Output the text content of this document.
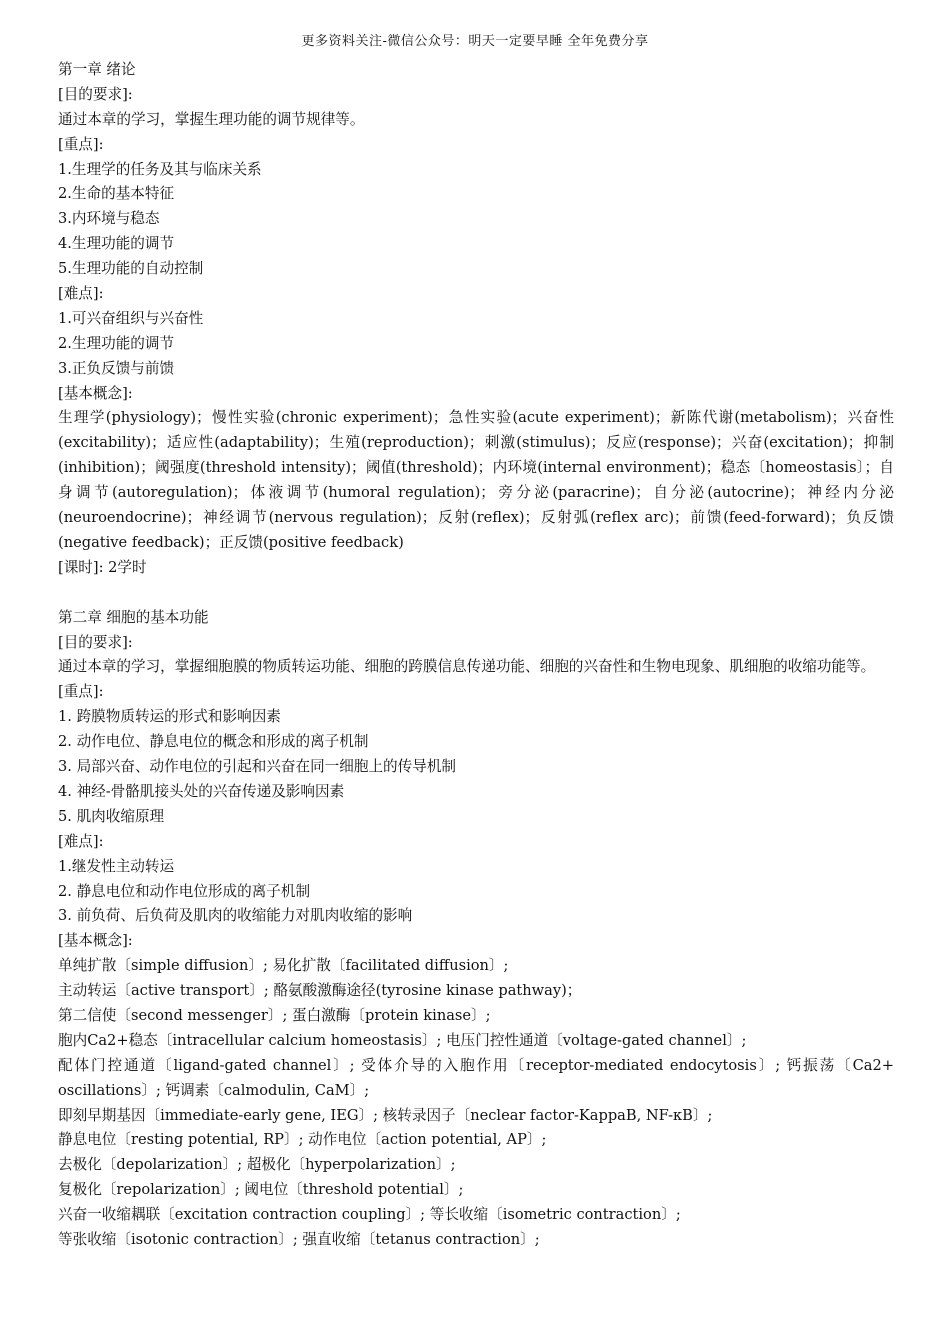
更多资料关注-微信公众号：明天一定要早睡 全年免费分享
第一章 绪论
[目的要求]:
通过本章的学习，掌握生理功能的调节规律等。
[重点]:
1.生理学的任务及其与临床关系
2.生命的基本特征
3.内环境与稳态
4.生理功能的调节
5.生理功能的自动控制
[难点]:
1.可兴奋组织与兴奋性
2.生理功能的调节
3.正负反馈与前馈
[基本概念]:
生理学(physiology)；慢性实验(chronic experiment)；急性实验(acute experiment)；新陈代谢(metabolism)；兴奋性(excitability)；适应性(adaptability)；生殖(reproduction)；刺激(stimulus)；反应(response)；兴奋(excitation)；抑制(inhibition)；阈强度(threshold intensity)；阈值(threshold)；内环境(internal environment)；稳态〔homeostasis〕；自身调节(autoregulation)；体液调节(humoral regulation)；旁分泌(paracrine)；自分泌(autocrine)；神经内分泌(neuroendocrine)；神经调节(nervous regulation)；反射(reflex)；反射弧(reflex arc)；前馈(feed-forward)；负反馈(negative feedback)；正反馈(positive feedback)
[课时]: 2学时
第二章 细胞的基本功能
[目的要求]:
通过本章的学习，掌握细胞膜的物质转运功能、细胞的跨膜信息传递功能、细胞的兴奋性和生物电现象、肌细胞的收缩功能等。
[重点]:
1. 跨膜物质转运的形式和影响因素
2. 动作电位、静息电位的概念和形成的离子机制
3. 局部兴奋、动作电位的引起和兴奋在同一细胞上的传导机制
4. 神经-骨骼肌接头处的兴奋传递及影响因素
5. 肌肉收缩原理
[难点]:
1.继发性主动转运
2. 静息电位和动作电位形成的离子机制
3. 前负荷、后负荷及肌肉的收缩能力对肌肉收缩的影响
[基本概念]:
单纯扩散〔simple diffusion〕; 易化扩散〔facilitated diffusion〕;
主动转运〔active transport〕; 酪氨酸激酶途径(tyrosine kinase pathway)；
第二信使〔second messenger〕; 蛋白激酶〔protein kinase〕;
胞内Ca2+稳态〔intracellular calcium homeostasis〕; 电压门控性通道〔voltage-gated channel〕;
配体门控通道〔ligand-gated channel〕; 受体介导的入胞作用〔receptor-mediated endocytosis〕; 钙振荡〔Ca2+ oscillations〕; 钙调素〔calmodulin, CaM〕;
即刻早期基因〔immediate-early gene, IEG〕; 核转录因子〔neclear factor-KappaB, NF-κB〕;
静息电位〔resting potential, RP〕; 动作电位〔action potential, AP〕;
去极化〔depolarization〕; 超极化〔hyperpolarization〕;
复极化〔repolarization〕; 阈电位〔threshold potential〕;
兴奋一收缩耦联〔excitation contraction coupling〕; 等长收缩〔isometric contraction〕;
等张收缩〔isotonic contraction〕; 强直收缩〔tetanus contraction〕;
